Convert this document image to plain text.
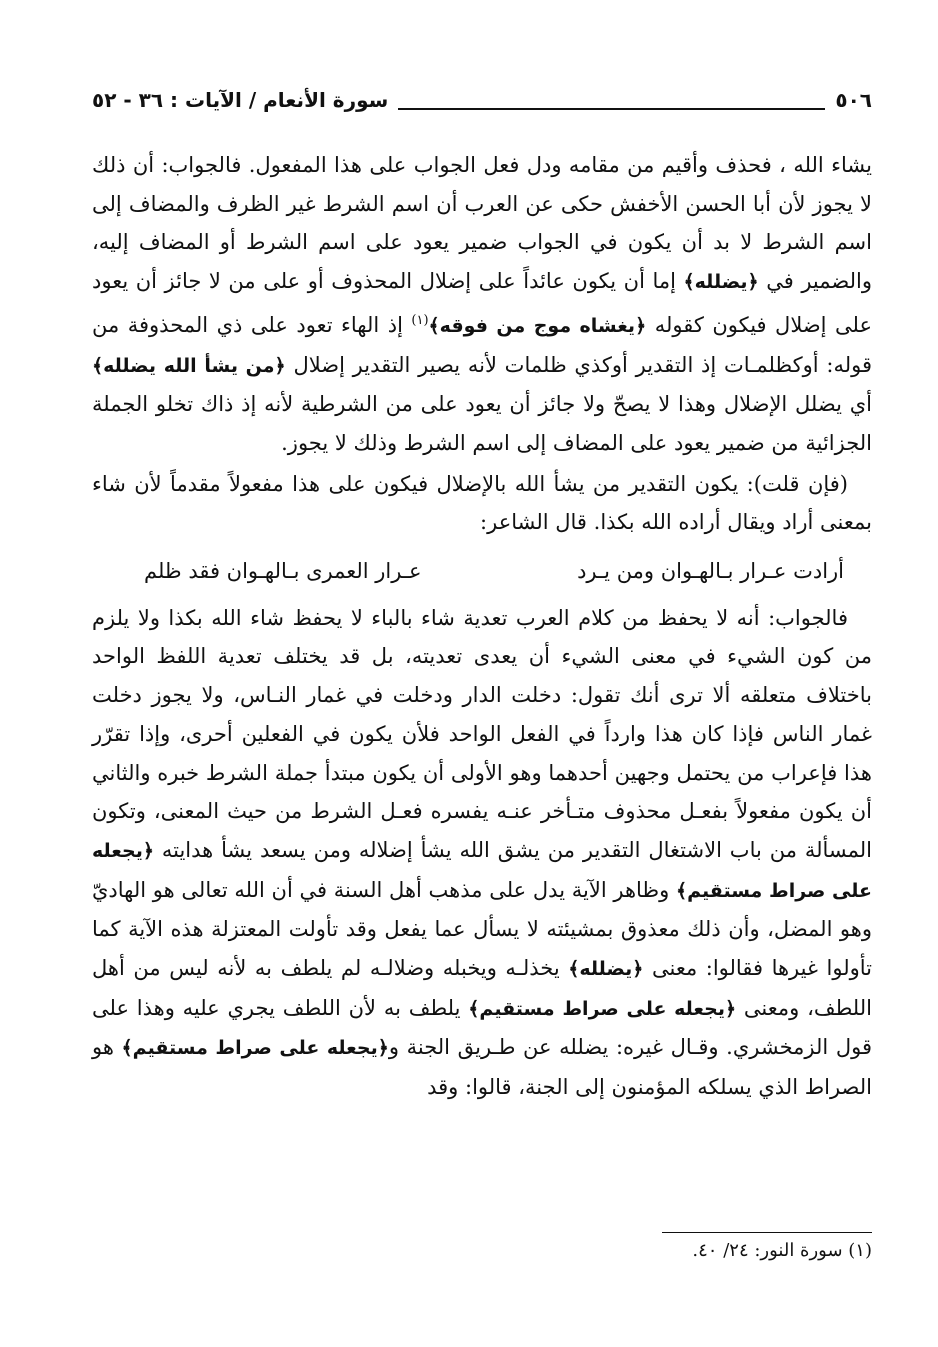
٥٠٦
سورة الأنعام / الآيات : ٣٦ - ٥٢

يشاء الله ، فحذف وأقيم من مقامه ودل فعل الجواب على هذا المفعول. فالجواب: أن ذلك لا يجوز لأن أبا الحسن الأخفش حكى عن العرب أن اسم الشرط غير الظرف والمضاف إلى اسم الشرط لا بد أن يكون في الجواب ضمير يعود على اسم الشرط أو المضاف إليه، والضمير في ﴿يضلله﴾ إما أن يكون عائداً على إضلال المحذوف أو على من لا جائز أن يعود على إضلال فيكون كقوله ﴿يغشاه موج من فوقه﴾$^{(١)}$ إذ الهاء تعود على ذي المحذوفة من قوله: أوكظلمـات إذ التقدير أوكذي ظلمات لأنه يصير التقدير إضلال ﴿من يشأ الله يضلله﴾ أي يضلل الإضلال وهذا لا يصحّ ولا جائز أن يعود على من الشرطية لأنه إذ ذاك تخلو الجملة الجزائية من ضمير يعود على المضاف إلى اسم الشرط وذلك لا يجوز.

(فإن قلت): يكون التقدير من يشأ الله بالإضلال فيكون على هذا مفعولاً مقدماً لأن شاء بمعنى أراد ويقال أراده الله بكذا. قال الشاعر:

أرادت عـرار بـالهـوان ومن يـرد
عـرار العمرى بـالهـوان فقد ظلم

فالجواب: أنه لا يحفظ من كلام العرب تعدية شاء بالباء لا يحفظ شاء الله بكذا ولا يلزم من كون الشيء في معنى الشيء أن يعدى تعديته، بل قد يختلف تعدية اللفظ الواحد باختلاف متعلقه ألا ترى أنك تقول: دخلت الدار ودخلت في غمار النـاس، ولا يجوز دخلت غمار الناس فإذا كان هذا وارداً في الفعل الواحد فلأن يكون في الفعلين أحرى، وإذا تقرّر هذا فإعراب من يحتمل وجهين أحدهما وهو الأولى أن يكون مبتدأ جملة الشرط خبره والثاني أن يكون مفعولاً بفعـل محذوف متـأخر عنـه يفسره فعـل الشرط من حيث المعنى، وتكون المسألة من باب الاشتغال التقدير من يشق الله يشأ إضلاله ومن يسعد يشأ هدايته ﴿يجعله على صراط مستقيم﴾ وظاهر الآية يدل على مذهب أهل السنة في أن الله تعالى هو الهاديّ وهو المضل، وأن ذلك معذوق بمشيئته لا يسأل عما يفعل وقد تأولت المعتزلة هذه الآية كما تأولوا غيرها فقالوا: معنى ﴿يضلله﴾ يخذلـه ويخبله وضلالـه لم يلطف به لأنه ليس من أهل اللطف، ومعنى ﴿يجعله على صراط مستقيم﴾ يلطف به لأن اللطف يجري عليه وهذا على قول الزمخشري. وقـال غيره: يضلله عن طـريق الجنة و﴿يجعله على صراط مستقيم﴾ هو الصراط الذي يسلكه المؤمنون إلى الجنة، قالوا: وقد

(١) سورة النور: ٢٤/ ٤٠.
